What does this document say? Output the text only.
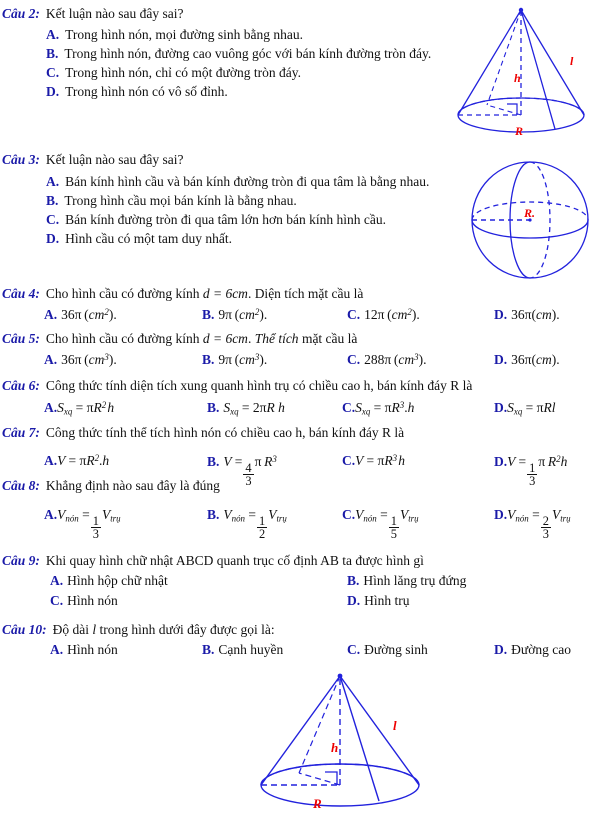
Câu 2: Kết luận nào sau đây sai?
A. Trong hình nón, mọi đường sinh bằng nhau.
B. Trong hình nón, đường cao vuông góc với bán kính đường tròn đáy.
C. Trong hình nón, chỉ có một đường tròn đáy.
D. Trong hình nón có vô số đỉnh.
h
l
R
Câu 3: Kết luận nào sau đây sai?
A. Bán kính hình cầu và bán kính đường tròn đi qua tâm là bằng nhau.
B. Trong hình cầu mọi bán kính là bằng nhau.
C. Bán kính đường tròn đi qua tâm lớn hơn bán kính hình cầu.
D. Hình cầu có một tam duy nhất.
R.
Câu 4: Cho hình cầu có đường kính d = 6cm. Diện tích mặt cầu là
A. 36π $(cm^2)$.	B. 9π $(cm^2)$.	C. 12π $(cm^2)$.	D. 36π(cm).
Câu 5: Cho hình cầu có đường kính d = 6cm. Thể tích mặt cầu là
A. 36π $(cm^3)$.	B. 9π $(cm^3)$.	C. 288π $(cm^3)$.	D. 36π(cm).
Câu 6: Công thức tính diện tích xung quanh hình trụ có chiều cao h, bán kính đáy R là
A. $S_{xq} = \pi R^2$ h	B. $S_{xq} = 2\pi R$ h	C. $S_{xq} = \pi R^3.h$	D. $S_{xq} = \pi Rl$
Câu 7: Công thức tính thể tích hình nón có chiều cao h, bán kính đáy R là
A. $V = \pi R^2.h$	B. V =
$\frac{4}{3}$
π $R^3$	C. $V = \pi R^3$ h	D. V =
$\frac{1}{3}$
π $R^2h$
Câu 8: Khẳng định nào sau đây là đúng
A. $V_{nón}$ =
$\frac{1}{3}$
$V_{trụ}$	B. $V_{nón}$ =
$\frac{1}{2}$
$V_{trụ}$	C. $V_{nón}$ =
$\frac{1}{5}$
$V_{trụ}$	D. $V_{nón}$ =
$\frac{2}{3}$
$V_{trụ}$
Câu 9: Khi quay hình chữ nhật ABCD quanh trục cố định AB ta được hình gì
A. Hình hộp chữ nhật	B. Hình lăng trụ đứng
C. Hình nón	D. Hình trụ
Câu 10: Độ dài l trong hình dưới đây được gọi là:
A. Hình nón	B. Cạnh huyền	C. Đường sinh	D. Đường cao
h
l
R
